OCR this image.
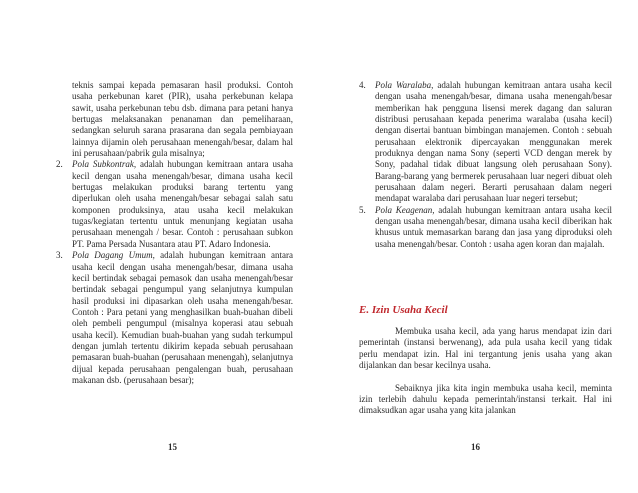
teknis sampai kepada pemasaran hasil produksi. Contoh usaha perkebunan karet (PIR), usaha perkebunan kelapa sawit, usaha perkebunan tebu dsb. dimana para petani hanya bertugas melaksanakan penanaman dan pemeliharaan, sedangkan seluruh sarana prasarana dan segala pembiayaan lainnya dijamin oleh perusahaan menengah/besar, dalam hal ini perusahaan/pabrik gula misalnya;
2. Pola Subkontrak, adalah hubungan kemitraan antara usaha kecil dengan usaha menengah/besar, dimana usaha kecil bertugas melakukan produksi barang tertentu yang diperlukan oleh usaha menengah/besar sebagai salah satu komponen produksinya, atau usaha kecil melakukan tugas/kegiatan tertentu untuk menunjang kegiatan usaha perusahaan menengah / besar. Contoh : perusahaan subkon PT. Pama Persada Nusantara atau PT. Adaro Indonesia.
3. Pola Dagang Umum, adalah hubungan kemitraan antara usaha kecil dengan usaha menengah/besar, dimana usaha kecil bertindak sebagai pemasok dan usaha menengah/besar bertindak sebagai pengumpul yang selanjutnya kumpulan hasil produksi ini dipasarkan oleh usaha menengah/besar. Contoh : Para petani yang menghasilkan buah-buahan dibeli oleh pembeli pengumpul (misalnya koperasi atau sebuah usaha kecil). Kemudian buah-buahan yang sudah terkumpul dengan jumlah tertentu dikirim kepada sebuah perusahaan pemasaran buah-buahan (perusahaan menengah), selanjutnya dijual kepada perusahaan pengalengan buah, perusahaan makanan dsb. (perusahaan besar);
15
4. Pola Waralaba, adalah hubungan kemitraan antara usaha kecil dengan usaha menengah/besar, dimana usaha menengah/besar memberikan hak pengguna lisensi merek dagang dan saluran distribusi perusahaan kepada penerima waralaba (usaha kecil) dengan disertai bantuan bimbingan manajemen. Contoh : sebuah perusahaan elektronik dipercayakan menggunakan merek produknya dengan nama Sony (seperti VCD dengan merek by Sony, padahal tidak dibuat langsung oleh perusahaan Sony). Barang-barang yang bermerek perusahaan luar negeri dibuat oleh perusahaan dalam negeri. Berarti perusahaan dalam negeri mendapat waralaba dari perusahaan luar negeri tersebut;
5. Pola Keagenan, adalah hubungan kemitraan antara usaha kecil dengan usaha menengah/besar, dimana usaha kecil diberikan hak khusus untuk memasarkan barang dan jasa yang diproduksi oleh usaha menengah/besar. Contoh : usaha agen koran dan majalah.
E. Izin Usaha Kecil
Membuka usaha kecil, ada yang harus mendapat izin dari pemerintah (instansi berwenang), ada pula usaha kecil yang tidak perlu mendapat izin. Hal ini tergantung jenis usaha yang akan dijalankan dan besar kecilnya usaha.
Sebaiknya jika kita ingin membuka usaha kecil, meminta izin terlebih dahulu kepada pemerintah/instansi terkait. Hal ini dimaksudkan agar usaha yang kita jalankan
16
